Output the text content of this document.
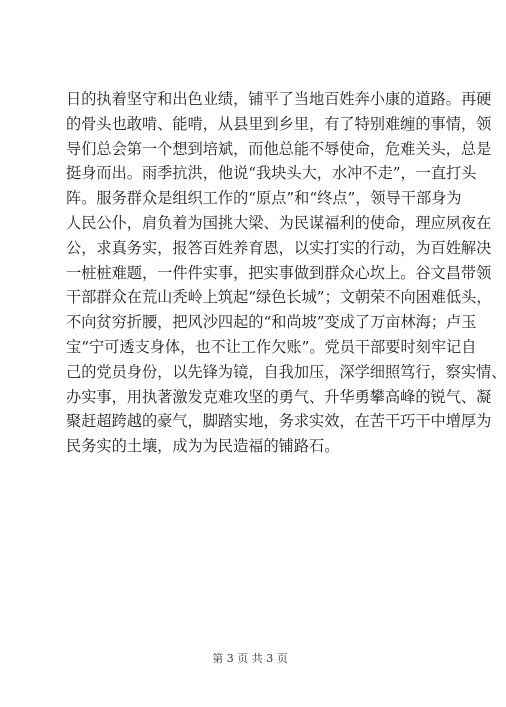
日的执着坚守和出色业绩，铺平了当地百姓奔小康的道路。再硬
的骨头也敢啃、能啃，从县里到乡里，有了特别难缠的事情，领
导们总会第一个想到培斌，而他总能不辱使命，危难关头，总是
挺身而出。雨季抗洪，他说“我块头大，水冲不走”，一直打头
阵。服务群众是组织工作的“原点”和“终点”，领导干部身为
人民公仆，肩负着为国挑大梁、为民谋福利的使命，理应夙夜在
公，求真务实，报答百姓养育恩，以实打实的行动，为百姓解决
一桩桩难题，一件件实事，把实事做到群众心坎上。谷文昌带领
干部群众在荒山秃岭上筑起“绿色长城”；文朝荣不向困难低头，
不向贫穷折腰，把风沙四起的“和尚坡”变成了万亩林海；卢玉
宝“宁可透支身体，也不让工作欠账”。党员干部要时刻牢记自
己的党员身份，以先锋为镜，自我加压，深学细照笃行，察实情、
办实事，用执著激发克难攻坚的勇气、升华勇攀高峰的锐气、凝
聚赶超跨越的豪气，脚踏实地，务求实效，在苦干巧干中增厚为
民务实的土壤，成为为民造福的铺路石。
第 3 页 共 3 页
